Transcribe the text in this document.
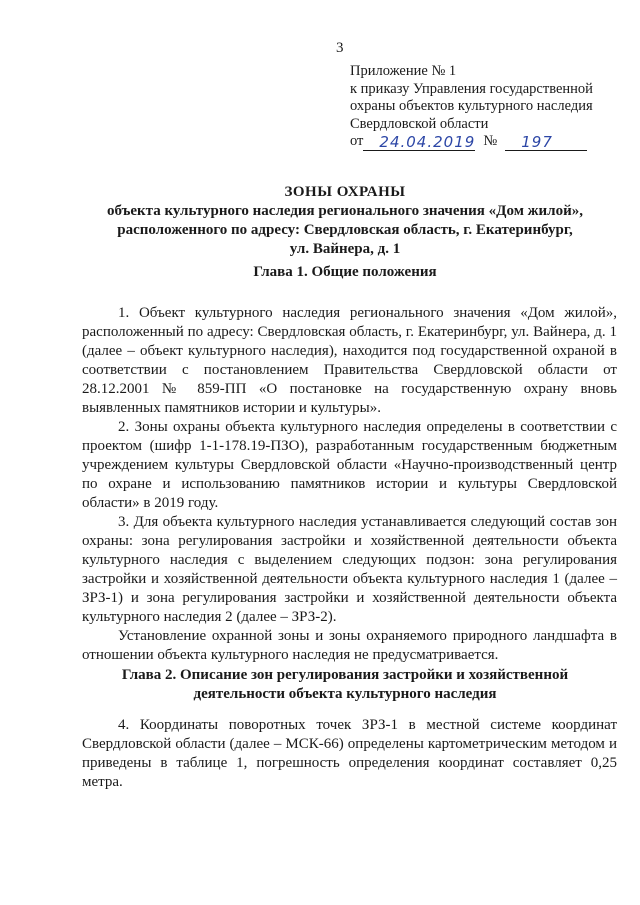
3
Приложение № 1
к приказу Управления государственной
охраны объектов культурного наследия
Свердловской области
от	24.04.2019 №	197
ЗОНЫ ОХРАНЫ
объекта культурного наследия регионального значения «Дом жилой»,
расположенного по адресу: Свердловская область, г. Екатеринбург,
ул. Вайнера, д. 1
Глава 1. Общие положения

1. Объект культурного наследия регионального значения «Дом жилой», расположенный по адресу: Свердловская область, г. Екатеринбург, ул. Вайнера, д. 1 (далее – объект культурного наследия), находится под государственной охраной в соответствии с постановлением Правительства Свердловской области от 28.12.2001 № 859-ПП «О постановке на государственную охрану вновь выявленных памятников истории и культуры».

2. Зоны охраны объекта культурного наследия определены в соответствии с проектом (шифр 1-1-178.19-ПЗО), разработанным государственным бюджетным учреждением культуры Свердловской области «Научно-производственный центр по охране и использованию памятников истории и культуры Свердловской области» в 2019 году.

3. Для объекта культурного наследия устанавливается следующий состав зон охраны: зона регулирования застройки и хозяйственной деятельности объекта культурного наследия с выделением следующих подзон: зона регулирования застройки и хозяйственной деятельности объекта культурного наследия 1 (далее – ЗРЗ-1) и зона регулирования застройки и хозяйственной деятельности объекта культурного наследия 2 (далее – ЗРЗ-2).

Установление охранной зоны и зоны охраняемого природного ландшафта в отношении объекта культурного наследия не предусматривается.

Глава 2. Описание зон регулирования застройки и хозяйственной
деятельности объекта культурного наследия

4. Координаты поворотных точек ЗРЗ-1 в местной системе координат Свердловской области (далее – МСК-66) определены картометрическим методом и приведены в таблице 1, погрешность определения координат составляет 0,25 метра.
